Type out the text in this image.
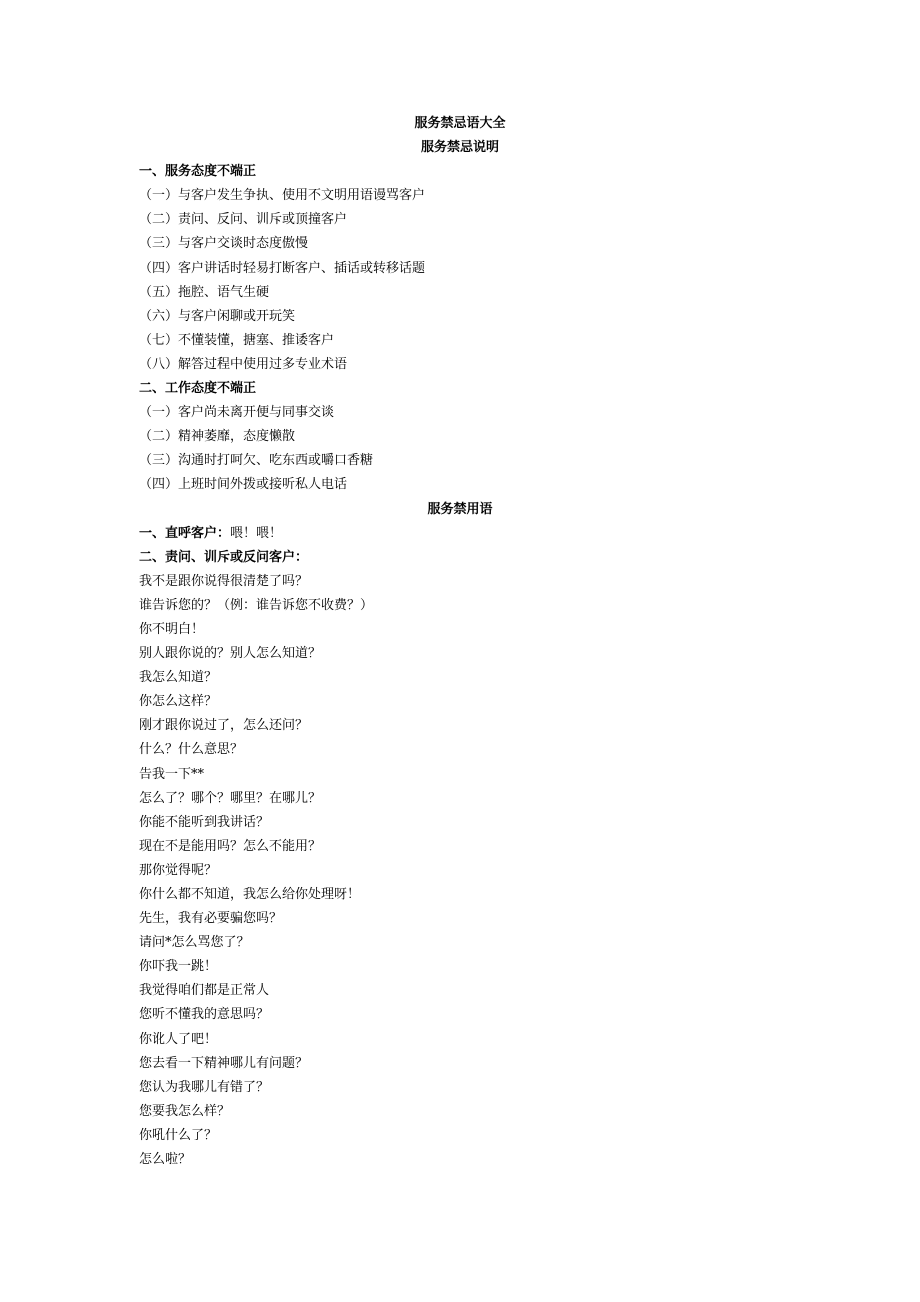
服务禁忌语大全
服务禁忌说明
一、服务态度不端正
（一）与客户发生争执、使用不文明用语谩骂客户
（二）责问、反问、训斥或顶撞客户
（三）与客户交谈时态度傲慢
（四）客户讲话时轻易打断客户、插话或转移话题
（五）拖腔、语气生硬
（六）与客户闲聊或开玩笑
（七）不懂装懂，搪塞、推诿客户
（八）解答过程中使用过多专业术语
二、工作态度不端正
（一）客户尚未离开便与同事交谈
（二）精神萎靡，态度懒散
（三）沟通时打呵欠、吃东西或嚼口香糖
（四）上班时间外拨或接听私人电话
服务禁用语
一、直呼客户：喂！喂！
二、责问、训斥或反问客户：
我不是跟你说得很清楚了吗？
谁告诉您的？（例：谁告诉您不收费？）
你不明白！
别人跟你说的？别人怎么知道？
我怎么知道？
你怎么这样？
刚才跟你说过了，怎么还问？
什么？什么意思？
告我一下**
怎么了？哪个？哪里？在哪儿？
你能不能听到我讲话？
现在不是能用吗？怎么不能用？
那你觉得呢？
你什么都不知道，我怎么给你处理呀！
先生，我有必要骗您吗？
请问*怎么骂您了？
你吓我一跳！
我觉得咱们都是正常人
您听不懂我的意思吗？
你讹人了吧！
您去看一下精神哪儿有问题？
您认为我哪儿有错了？
您要我怎么样？
你吼什么了？
怎么啦？
